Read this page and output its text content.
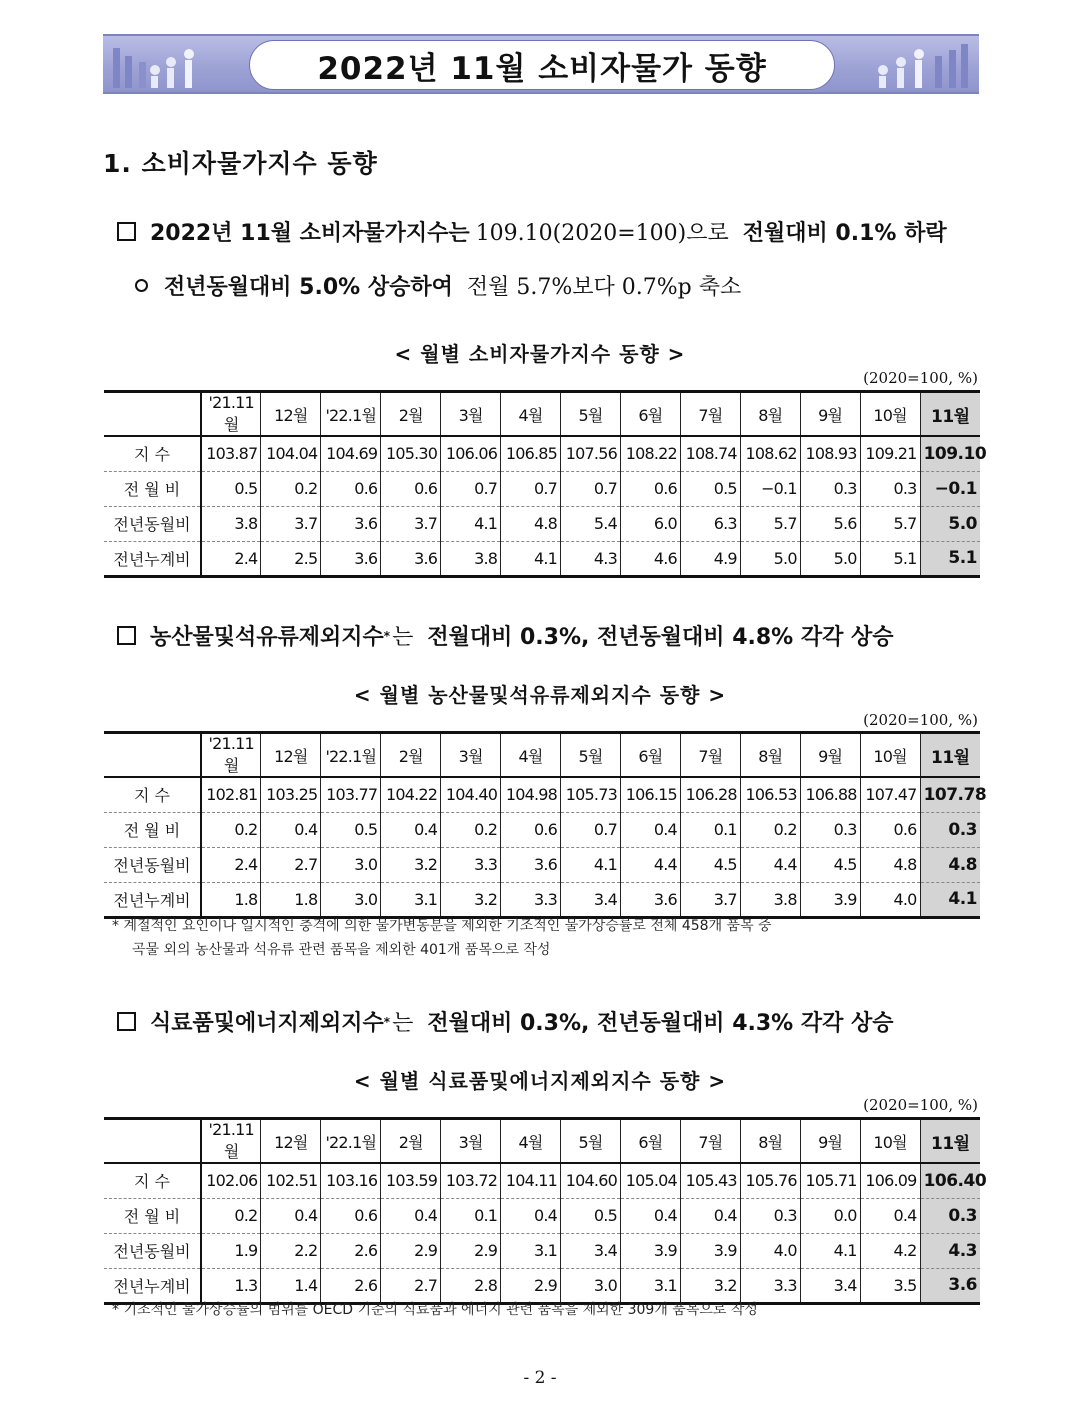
2022년 11월 소비자물가 동향
1. 소비자물가지수 동향
2022년 11월 소비자물가지수는 109.10(2020=100)으로 전월대비 0.1% 하락
전년동월대비 5.0% 상승하여 전월 5.7%보다 0.7%p 축소
< 월별 소비자물가지수 동향 >
(2020=100, %)
	'21.11월	12월	'22.1월	2월	3월	4월	5월	6월	7월	8월	9월	10월	11월
지 수	103.87	104.04	104.69	105.30	106.06	106.85	107.56	108.22	108.74	108.62	108.93	109.21	109.10
전 월 비	0.5	0.2	0.6	0.6	0.7	0.7	0.7	0.6	0.5	−0.1	0.3	0.3	−0.1
전년동월비	3.8	3.7	3.6	3.7	4.1	4.8	5.4	6.0	6.3	5.7	5.6	5.7	5.0
전년누계비	2.4	2.5	3.6	3.6	3.8	4.1	4.3	4.6	4.9	5.0	5.0	5.1	5.1
농산물및석유류제외지수 * 는 전월대비 0.3%, 전년동월대비 4.8% 각각 상승
< 월별 농산물및석유류제외지수 동향 >
(2020=100, %)
	'21.11월	12월	'22.1월	2월	3월	4월	5월	6월	7월	8월	9월	10월	11월
지 수	102.81	103.25	103.77	104.22	104.40	104.98	105.73	106.15	106.28	106.53	106.88	107.47	107.78
전 월 비	0.2	0.4	0.5	0.4	0.2	0.6	0.7	0.4	0.1	0.2	0.3	0.6	0.3
전년동월비	2.4	2.7	3.0	3.2	3.3	3.6	4.1	4.4	4.5	4.4	4.5	4.8	4.8
전년누계비	1.8	1.8	3.0	3.1	3.2	3.3	3.4	3.6	3.7	3.8	3.9	4.0	4.1
* 계절적인 요인이나 일시적인 충격에 의한 물가변동분을 제외한 기조적인 물가상승률로 전체 458개 품목 중
곡물 외의 농산물과 석유류 관련 품목을 제외한 401개 품목으로 작성
식료품및에너지제외지수 * 는 전월대비 0.3%, 전년동월대비 4.3% 각각 상승
< 월별 식료품및에너지제외지수 동향 >
(2020=100, %)
	'21.11월	12월	'22.1월	2월	3월	4월	5월	6월	7월	8월	9월	10월	11월
지 수	102.06	102.51	103.16	103.59	103.72	104.11	104.60	105.04	105.43	105.76	105.71	106.09	106.40
전 월 비	0.2	0.4	0.6	0.4	0.1	0.4	0.5	0.4	0.4	0.3	0.0	0.4	0.3
전년동월비	1.9	2.2	2.6	2.9	2.9	3.1	3.4	3.9	3.9	4.0	4.1	4.2	4.3
전년누계비	1.3	1.4	2.6	2.7	2.8	2.9	3.0	3.1	3.2	3.3	3.4	3.5	3.6
* 기조적인 물가상승률의 범위를 OECD 기준의 식료품과 에너지 관련 품목을 제외한 309개 품목으로 작성
- 2 -
